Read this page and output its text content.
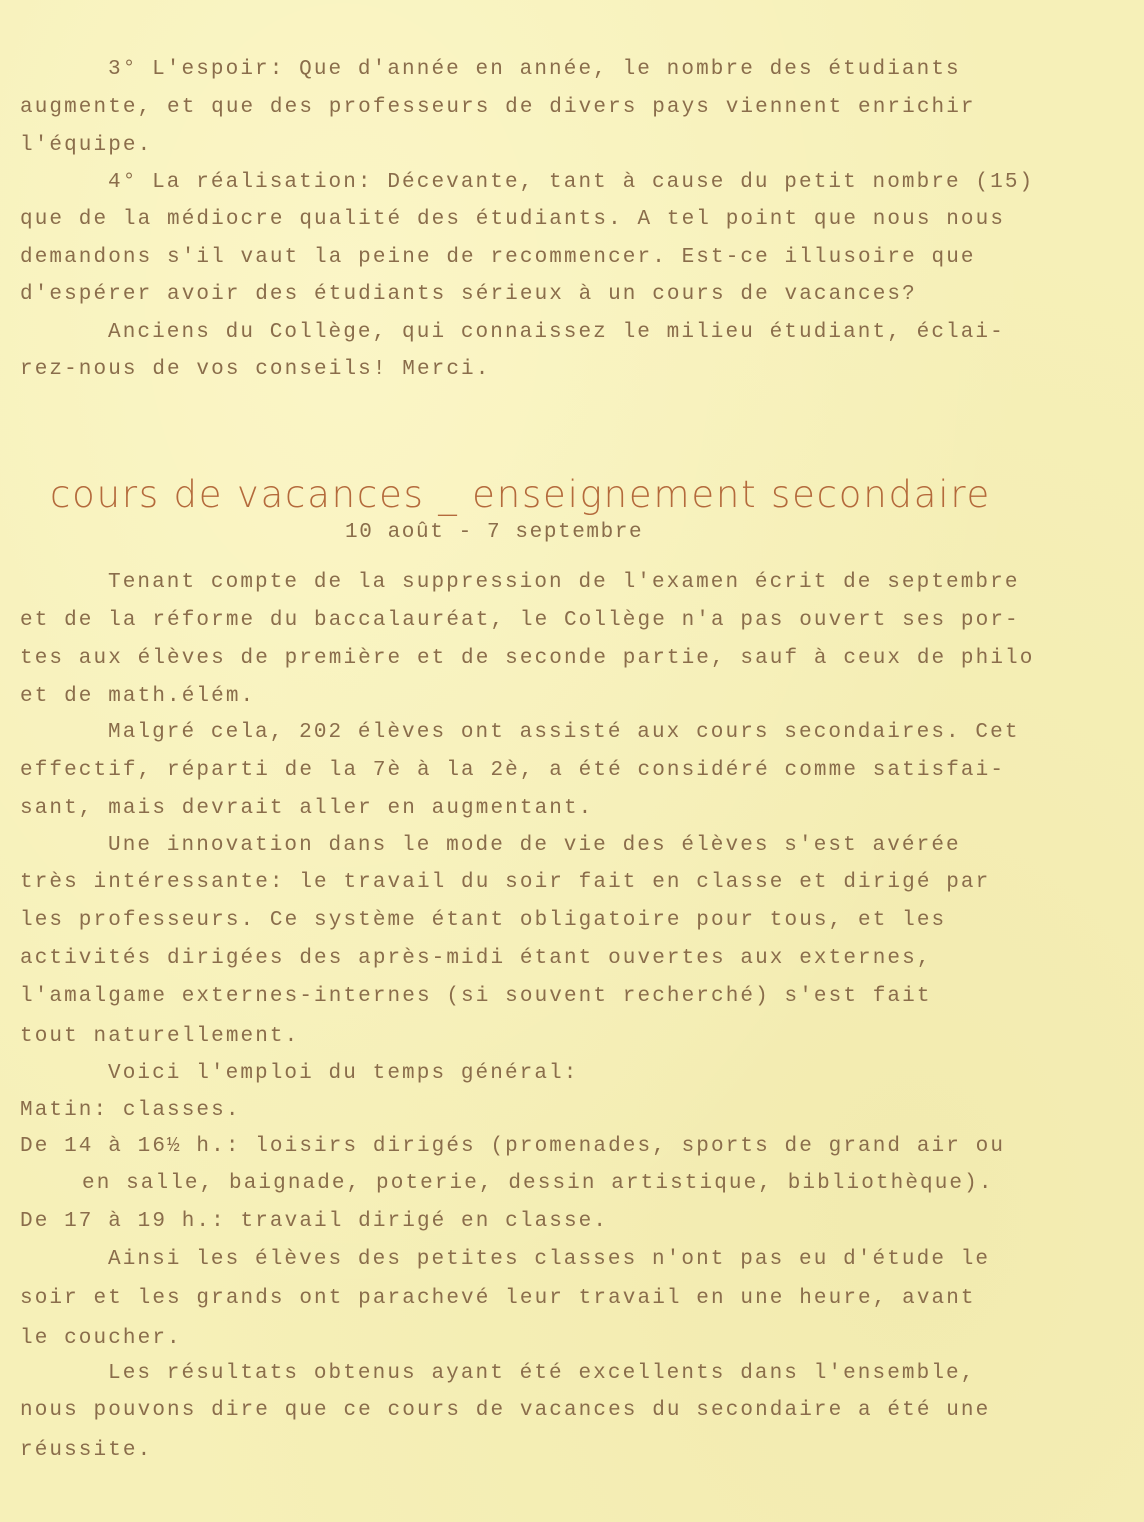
3° L'espoir: Que d'année en année, le nombre des étudiants

augmente, et que des professeurs de divers pays viennent enrichir

l'équipe.

4° La réalisation: Décevante, tant à cause du petit nombre (15)

que de la médiocre qualité des étudiants. A tel point que nous nous

demandons s'il vaut la peine de recommencer. Est-ce illusoire que

d'espérer avoir des étudiants sérieux à un cours de vacances?

Anciens du Collège, qui connaissez le milieu étudiant, éclai-

rez-nous de vos conseils! Merci.

cours de vacances _ enseignement secondaire

10 août - 7 septembre

Tenant compte de la suppression de l'examen écrit de septembre

et de la réforme du baccalauréat, le Collège n'a pas ouvert ses por-

tes aux élèves de première et de seconde partie, sauf à ceux de philo

et de math.élém.

Malgré cela, 202 élèves ont assisté aux cours secondaires. Cet

effectif, réparti de la 7è à la 2è, a été considéré comme satisfai-

sant, mais devrait aller en augmentant.

Une innovation dans le mode de vie des élèves s'est avérée

très intéressante: le travail du soir fait en classe et dirigé par

les professeurs. Ce système étant obligatoire pour tous, et les

activités dirigées des après-midi étant ouvertes aux externes,

l'amalgame externes-internes (si souvent recherché) s'est fait

tout naturellement.

Voici l'emploi du temps général:

Matin: classes.

De 14 à 16½ h.: loisirs dirigés (promenades, sports de grand air ou

en salle, baignade, poterie, dessin artistique, bibliothèque).

De 17 à 19 h.: travail dirigé en classe.

Ainsi les élèves des petites classes n'ont pas eu d'étude le

soir et les grands ont parachevé leur travail en une heure, avant

le coucher.

Les résultats obtenus ayant été excellents dans l'ensemble,

nous pouvons dire que ce cours de vacances du secondaire a été une

réussite.
